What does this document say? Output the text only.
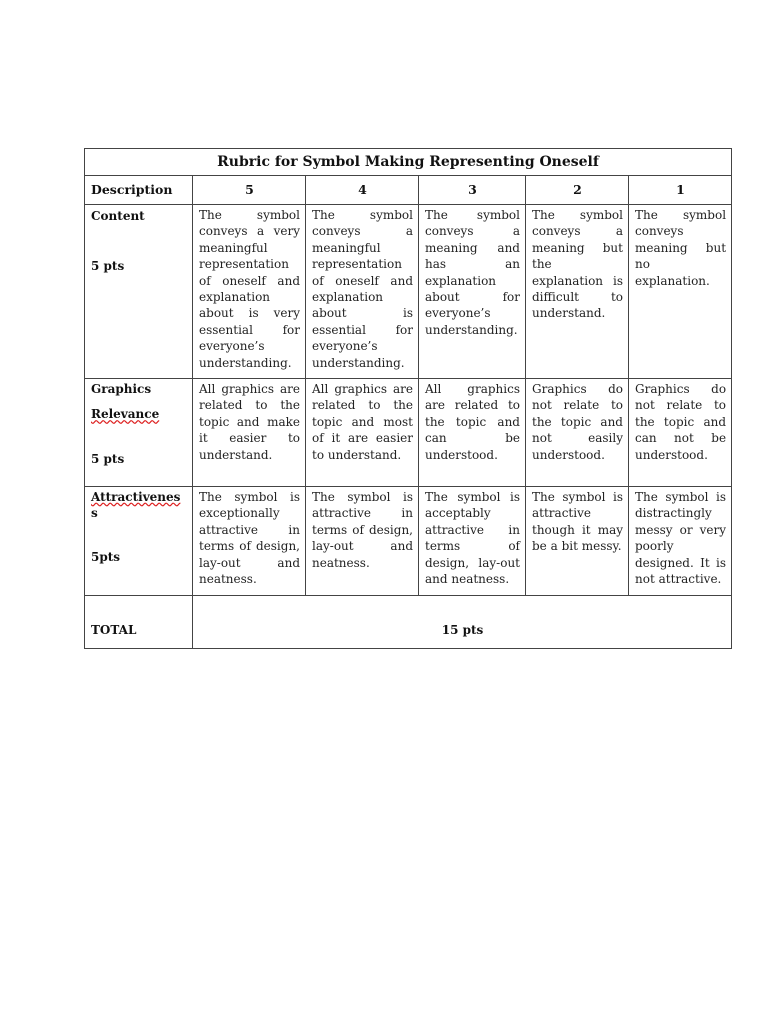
Rubric for Symbol Making Representing Oneself					
Description	5	4	3	2	1

Content
5 pts	The symbol conveys a very meaningful representation of oneself and explanation about is very essential for everyone’s understanding.	The symbol conveys a meaningful representation of oneself and explanation about is essential for everyone’s understanding.	The symbol conveys a meaning and has an explanation about for everyone’s understanding.	The symbol conveys a meaning but the explanation is difficult to understand.	The symbol conveys meaning but no explanation.

Graphics
Relevance
5 pts	All graphics are related to the topic and make it easier to understand.	All graphics are related to the topic and most of it are easier to understand.	All graphics are related to the topic and can be understood.	Graphics do not relate to the topic and not easily understood.	Graphics do not relate to the topic and can not be understood.

Attractivenes
s
5pts	The symbol is exceptionally attractive in terms of design, lay-out and neatness.	The symbol is attractive in terms of design, lay-out and neatness.	The symbol is acceptably attractive in terms of design, lay-out and neatness.	The symbol is attractive though it may be a bit messy.	The symbol is distractingly messy or very poorly designed. It is not attractive.
TOTAL	15 pts				
